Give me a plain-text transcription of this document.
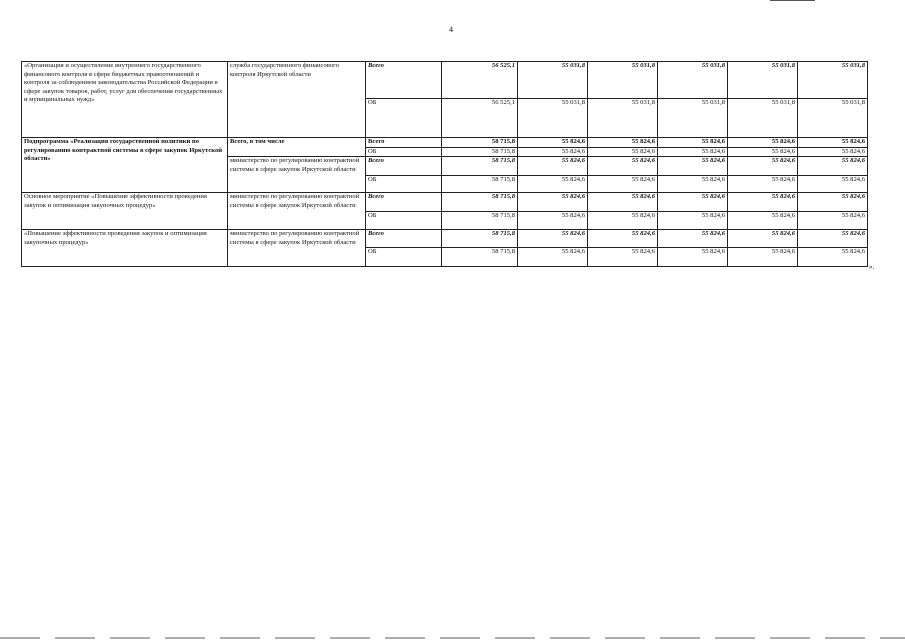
4
«Организация и осуществление внутреннего государственного финансового контроля в сфере бюджетных правоотношений и контроля за соблюдением законодательства Российской Федерации в сфере закупок товаров, работ, услуг для обеспечения государственных и муниципальных нужд»	служба государственного финансового контроля Иркутской области	Всего	56 525,1	55 031,8	55 031,8	55 031,8	55 031,8	55 031,8
		ОБ	56 525,1	55 031,8	55 031,8	55 031,8	55 031,8	55 031,8
Подпрограмма «Реализация государственной политики по регулированию контрактной системы в сфере закупок Иркутской области»	Всего, в том числе	Всего	58 715,8	55 824,6	55 824,6	55 824,6	55 824,6	55 824,6
		ОБ	58 715,8	55 824,6	55 824,6	55 824,6	55 824,6	55 824,6
	министерство по регулированию контрактной системы в сфере закупок Иркутской области	Всего	58 715,8	55 824,6	55 824,6	55 824,6	55 824,6	55 824,6
		ОБ	58 715,8	55 824,6	55 824,6	55 824,6	55 824,6	55 824,6
Основное мероприятие «Повышение эффективности проведения закупок и оптимизация закупочных процедур»	министерство по регулированию контрактной системы в сфере закупок Иркутской области	Всего	58 715,8	55 824,6	55 824,6	55 824,6	55 824,6	55 824,6
		ОБ	58 715,8	55 824,6	55 824,6	55 824,6	55 824,6	55 824,6
«Повышение эффективности проведения закупок и оптимизация закупочных процедур»	министерство по регулированию контрактной системы в сфере закупок Иркутской области	Всего	58 715,8	55 824,6	55 824,6	55 824,6	55 824,6	55 824,6
		ОБ	58 715,8	55 824,6	55 824,6	55 824,6	55 824,6	55 824,6
».
